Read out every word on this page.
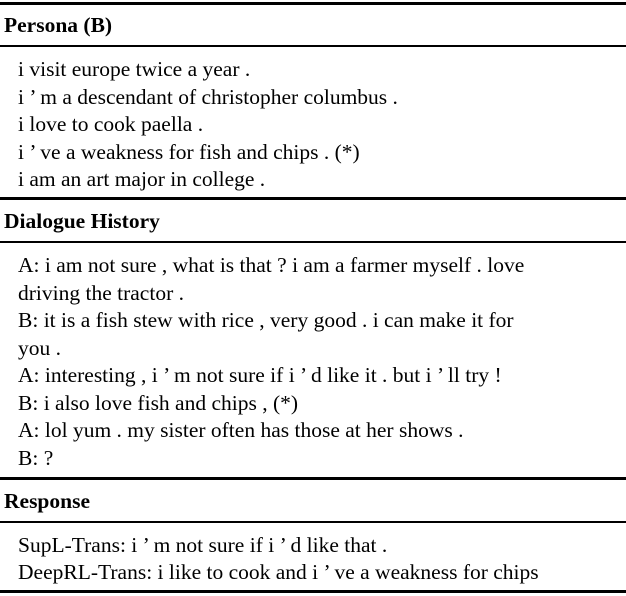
Persona (B)
i visit europe twice a year .
i ’ m a descendant of christopher columbus .
i love to cook paella .
i ’ ve a weakness for fish and chips . (*)
i am an art major in college .
Dialogue History
A: i am not sure , what is that ? i am a farmer myself . love
driving the tractor .
B: it is a fish stew with rice , very good . i can make it for
you .
A: interesting , i ’ m not sure if i ’ d like it . but i ’ ll try !
B: i also love fish and chips , (*)
A: lol yum . my sister often has those at her shows .
B: ?
Response
SupL-Trans: i ’ m not sure if i ’ d like that .
DeepRL-Trans: i like to cook and i ’ ve a weakness for chips
